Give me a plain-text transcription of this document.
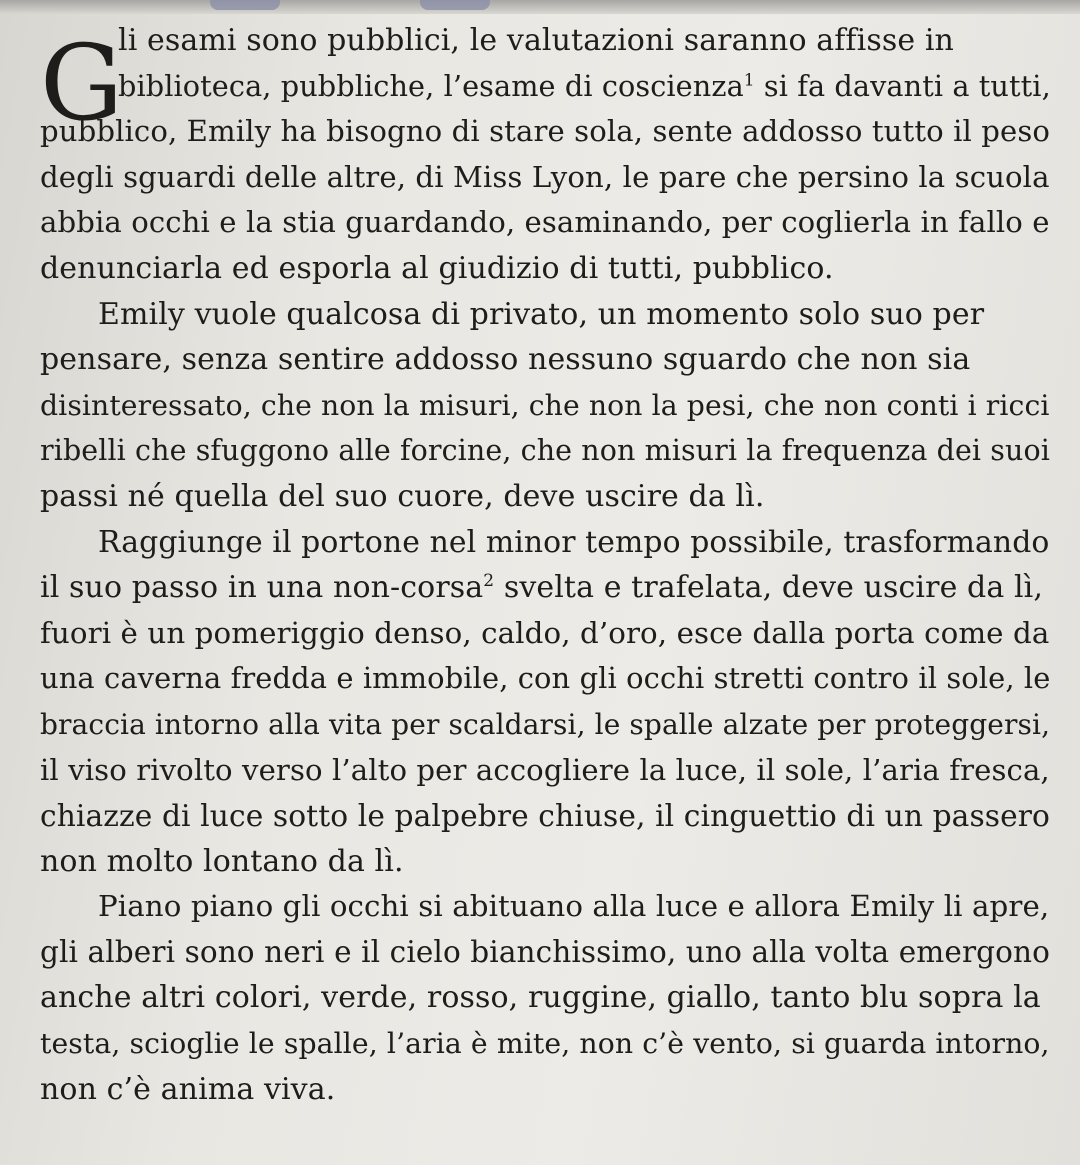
G
li esami sono pubblici, le valutazioni saranno affisse in
biblioteca, pubbliche, l’esame di coscienza$^1$ si fa davanti a tutti,
pubblico, Emily ha bisogno di stare sola, sente addosso tutto il peso
degli sguardi delle altre, di Miss Lyon, le pare che persino la scuola
abbia occhi e la stia guardando, esaminando, per coglierla in fallo e
denunciarla ed esporla al giudizio di tutti, pubblico.
Emily vuole qualcosa di privato, un momento solo suo per
pensare, senza sentire addosso nessuno sguardo che non sia
disinteressato, che non la misuri, che non la pesi, che non conti i ricci
ribelli che sfuggono alle forcine, che non misuri la frequenza dei suoi
passi né quella del suo cuore, deve uscire da lì.
Raggiunge il portone nel minor tempo possibile, trasformando
il suo passo in una non-corsa$^2$ svelta e trafelata, deve uscire da lì,
fuori è un pomeriggio denso, caldo, d’oro, esce dalla porta come da
una caverna fredda e immobile, con gli occhi stretti contro il sole, le
braccia intorno alla vita per scaldarsi, le spalle alzate per proteggersi,
il viso rivolto verso l’alto per accogliere la luce, il sole, l’aria fresca,
chiazze di luce sotto le palpebre chiuse, il cinguettio di un passero
non molto lontano da lì.
Piano piano gli occhi si abituano alla luce e allora Emily li apre,
gli alberi sono neri e il cielo bianchissimo, uno alla volta emergono
anche altri colori, verde, rosso, ruggine, giallo, tanto blu sopra la
testa, scioglie le spalle, l’aria è mite, non c’è vento, si guarda intorno,
non c’è anima viva.
